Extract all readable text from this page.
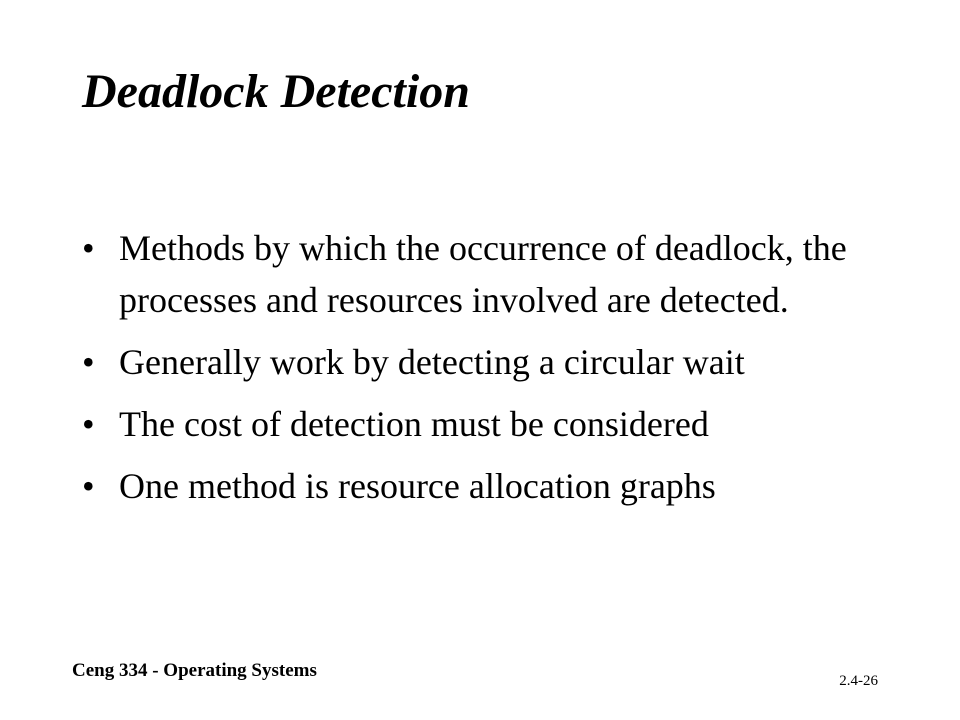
Deadlock Detection
• Methods by which the occurrence of deadlock, the processes and resources involved are detected.
• Generally work by detecting a circular wait
• The cost of detection must be considered
• One method is resource allocation graphs
Ceng 334 - Operating Systems	2.4-26
